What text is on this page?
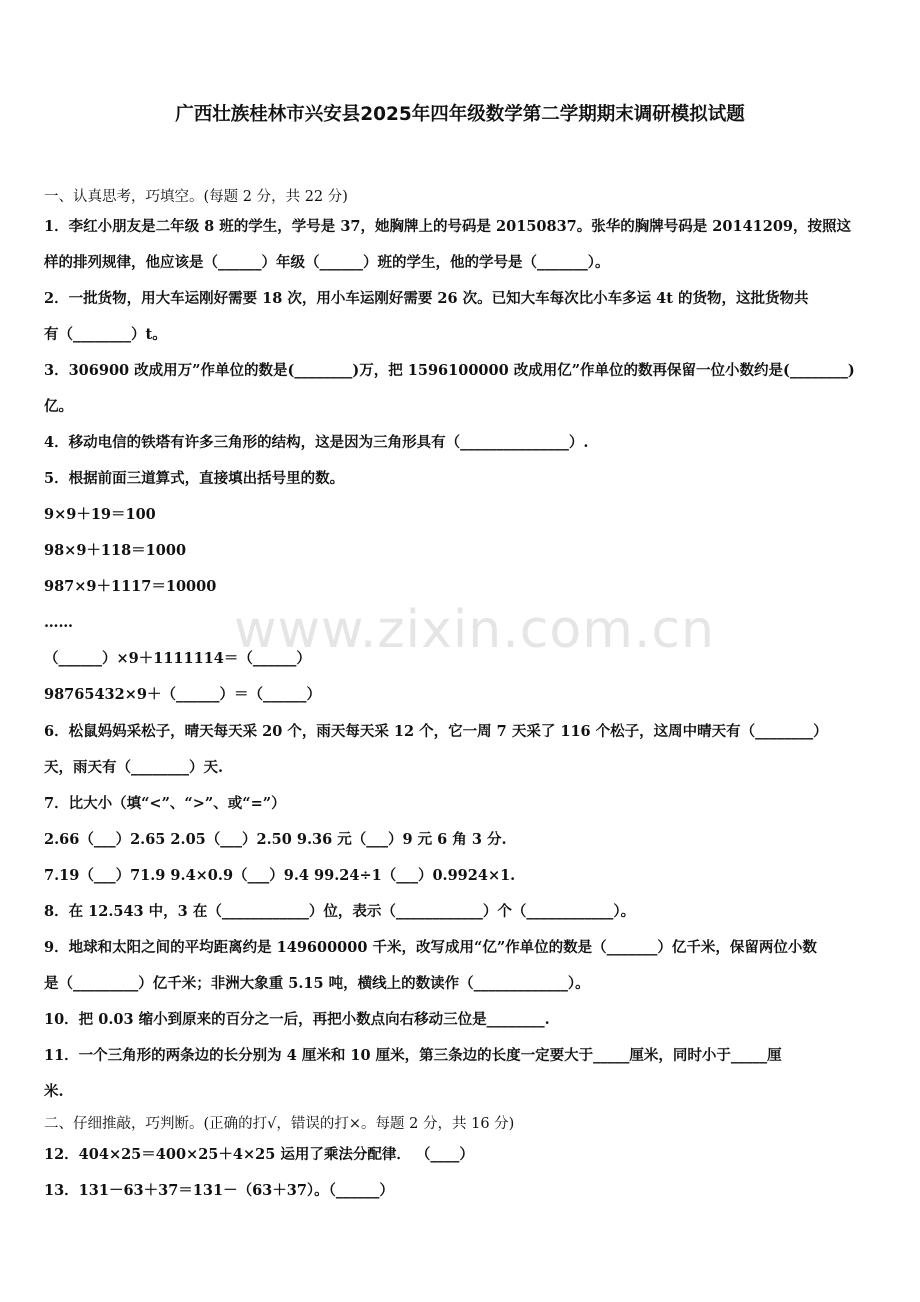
广西壮族桂林市兴安县2025年四年级数学第二学期期末调研模拟试题
www.zixin.com.cn
一、认真思考，巧填空。(每题 2 分，共 22 分)
1．李红小朋友是二年级 8 班的学生，学号是 37，她胸牌上的号码是 20150837。张华的胸牌号码是 20141209，按照这
样的排列规律，他应该是（______）年级（______）班的学生，他的学号是（_______）。
2．一批货物，用大车运刚好需要 18 次，用小车运刚好需要 26 次。已知大车每次比小车多运 4t 的货物，这批货物共
有（________）t。
3．306900 改成用万”作单位的数是(________)万，把 1596100000 改成用亿”作单位的数再保留一位小数约是(________)
亿。
4．移动电信的铁塔有许多三角形的结构，这是因为三角形具有（_______________）.
5．根据前面三道算式，直接填出括号里的数。
9×9＋19＝100
98×9＋118＝1000
987×9＋1117＝10000
……
（______）×9＋1111114＝（______）
98765432×9＋（______）＝（______）
6．松鼠妈妈采松子，晴天每天采 20 个，雨天每天采 12 个，它一周 7 天采了 116 个松子，这周中晴天有（________）
天，雨天有（________）天.
7．比大小（填“<”、“>”、或“=”）
2.66（___）2.65 2.05（___）2.50 9.36 元（___）9 元 6 角 3 分.
7.19（___）71.9 9.4×0.9（___）9.4 99.24÷1（___）0.9924×1.
8．在 12.543 中，3 在（____________）位，表示（____________）个（____________）。
9．地球和太阳之间的平均距离约是 149600000 千米，改写成用“亿”作单位的数是（_______）亿千米，保留两位小数
是（_________）亿千米；非洲大象重 5.15 吨，横线上的数读作（_____________）。
10．把 0.03 缩小到原来的百分之一后，再把小数点向右移动三位是________.
11．一个三角形的两条边的长分别为 4 厘米和 10 厘米，第三条边的长度一定要大于_____厘米，同时小于_____厘
米.
二、仔细推敲，巧判断。(正确的打√，错误的打×。每题 2 分，共 16 分)
12．404×25＝400×25＋4×25 运用了乘法分配律． （____）
13．131－63＋37＝131－（63＋37）。（______）
